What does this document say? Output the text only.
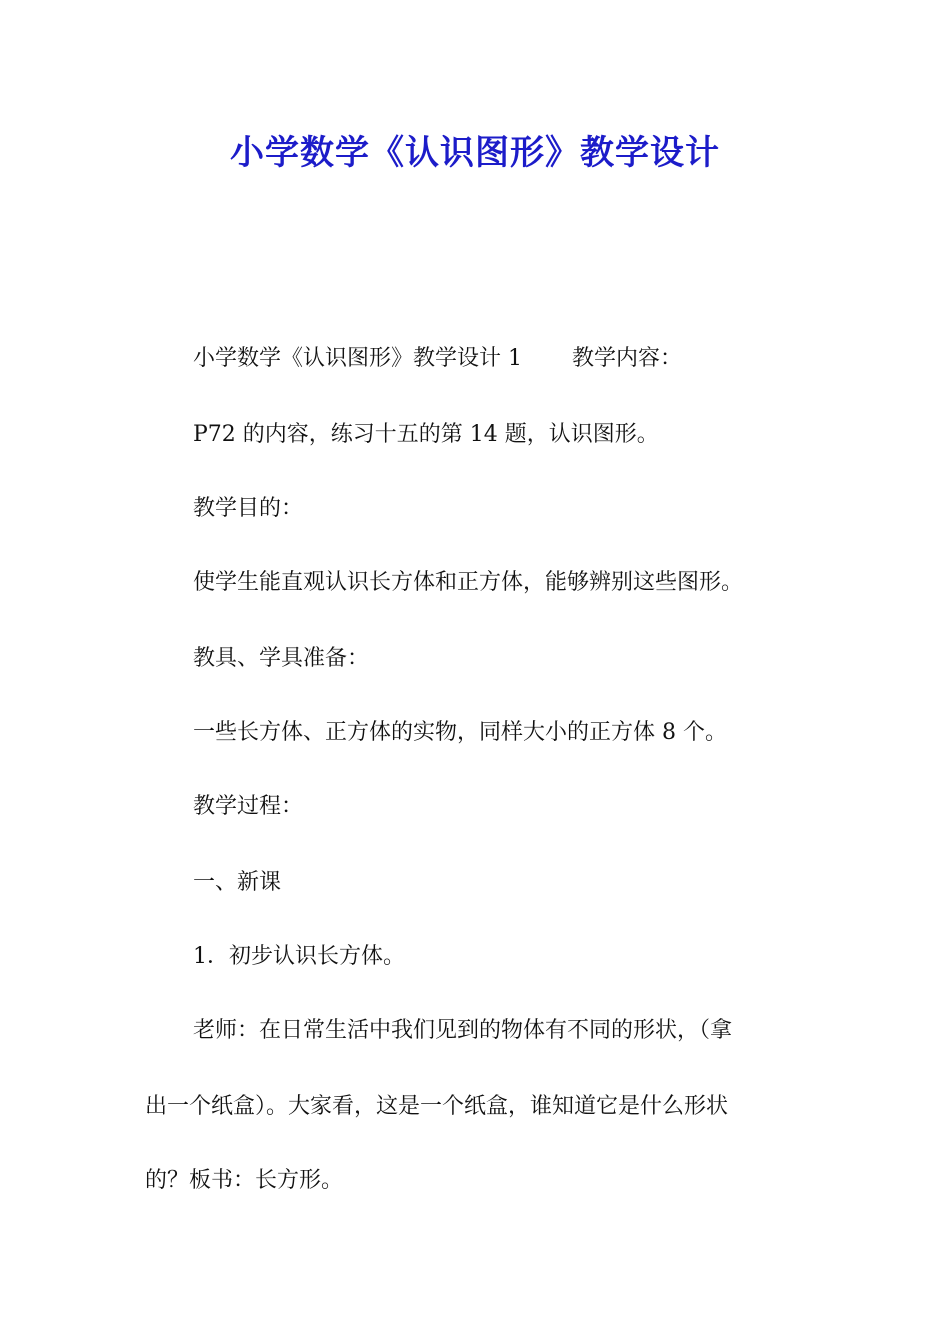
小学数学《认识图形》教学设计

小学数学《认识图形》教学设计 1 教学内容：

P72 的内容，练习十五的第 14 题，认识图形。

教学目的：

使学生能直观认识长方体和正方体，能够辨别这些图形。

教具、学具准备：

一些长方体、正方体的实物，同样大小的正方体 8 个。

教学过程：

一、新课

1．初步认识长方体。

老师：在日常生活中我们见到的物体有不同的形状，（拿

出一个纸盒）。大家看，这是一个纸盒，谁知道它是什么形状

的？板书：长方形。
